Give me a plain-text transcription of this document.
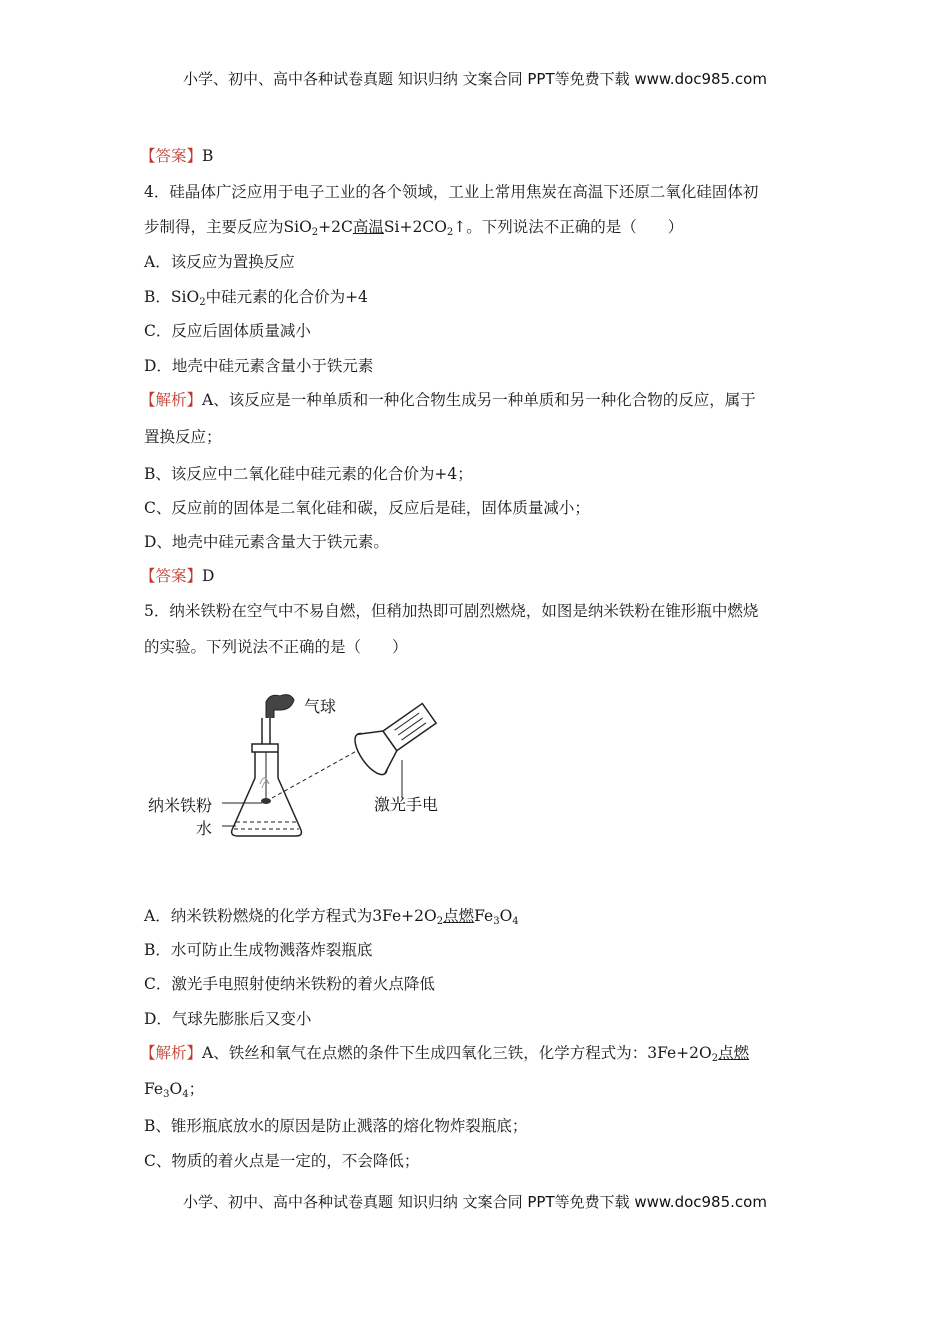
小学、初中、高中各种试卷真题 知识归纳 文案合同 PPT等免费下载 www.doc985.com
【答案】B
4．硅晶体广泛应用于电子工业的各个领域，工业上常用焦炭在高温下还原二氧化硅固体初
步制得，主要反应为SiO$_2$+2C高温$Si+2CO_2↑$。下列说法不正确的是（　　）
A．该反应为置换反应
B．SiO$_2$中硅元素的化合价为+4
C．反应后固体质量减小
D．地壳中硅元素含量小于铁元素
【解析】A、该反应是一种单质和一种化合物生成另一种单质和另一种化合物的反应，属于
置换反应；
B、该反应中二氧化硅中硅元素的化合价为+4；
C、反应前的固体是二氧化硅和碳，反应后是硅，固体质量减小；
D、地壳中硅元素含量大于铁元素。
【答案】D
5．纳米铁粉在空气中不易自燃，但稍加热即可剧烈燃烧，如图是纳米铁粉在锥形瓶中燃烧
的实验。下列说法不正确的是（　　）
气球
纳米铁粉
水
激光手电
A．纳米铁粉燃烧的化学方程式为$3Fe+2O_2$点燃$Fe_3O_4$
B．水可防止生成物溅落炸裂瓶底
C．激光手电照射使纳米铁粉的着火点降低
D．气球先膨胀后又变小
【解析】A、铁丝和氧气在点燃的条件下生成四氧化三铁，化学方程式为：$3Fe+2O_2$点燃
$Fe_3O_4$；
B、锥形瓶底放水的原因是防止溅落的熔化物炸裂瓶底；
C、物质的着火点是一定的，不会降低；
小学、初中、高中各种试卷真题 知识归纳 文案合同 PPT等免费下载 www.doc985.com
